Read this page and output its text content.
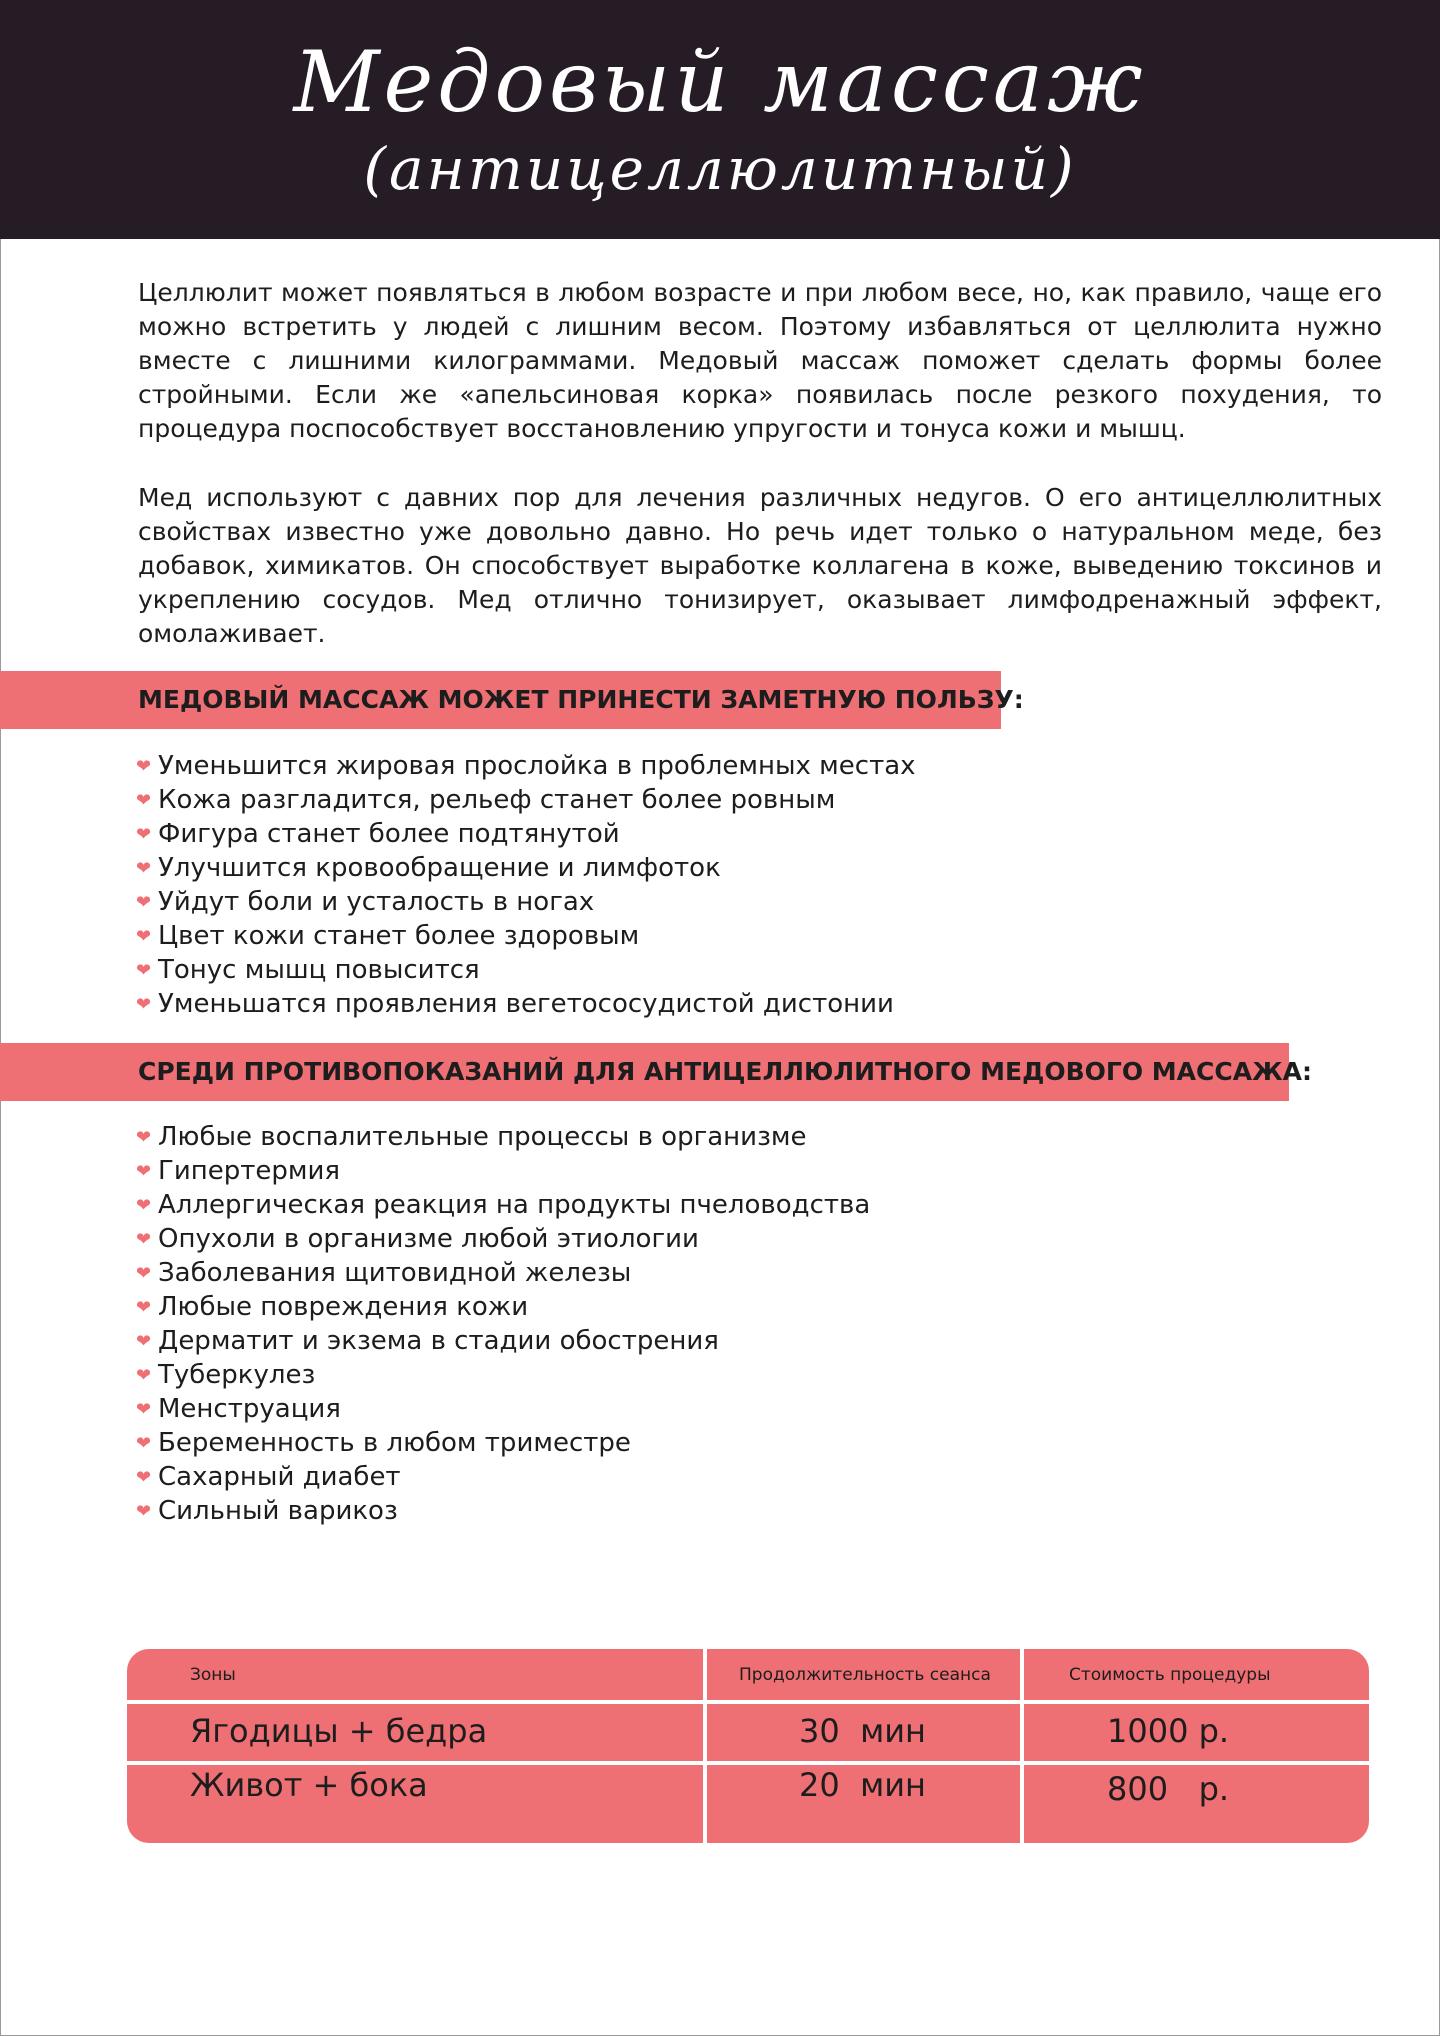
Медовый массаж
(антицеллюлитный)
Целлюлит может появляться в любом возрасте и при любом весе, но, как правило, чаще его можно встретить у людей с лишним весом. Поэтому избавляться от целлюлита нужно вместе с лишними килограммами. Медовый массаж поможет сделать формы более стройными. Если же «апельсиновая корка» появилась после резкого похудения, то процедура поспособствует восстановлению упругости и тонуса кожи и мышц.
Мед используют с давних пор для лечения различных недугов. О его антицеллюлитных свойствах известно уже довольно давно. Но речь идет только о натуральном меде, без добавок, химикатов. Он способствует выработке коллагена в коже, выведению токсинов и укреплению сосудов. Мед отлично тонизирует, оказывает лимфодренажный эффект, омолаживает.
МЕДОВЫЙ МАССАЖ МОЖЕТ ПРИНЕСТИ ЗАМЕТНУЮ ПОЛЬЗУ:
❤ Уменьшится жировая прослойка в проблемных местах
❤ Кожа разгладится, рельеф станет более ровным
❤ Фигура станет более подтянутой
❤ Улучшится кровообращение и лимфоток
❤ Уйдут боли и усталость в ногах
❤ Цвет кожи станет более здоровым
❤ Тонус мышц повысится
❤ Уменьшатся проявления вегетососудистой дистонии
СРЕДИ ПРОТИВОПОКАЗАНИЙ ДЛЯ АНТИЦЕЛЛЮЛИТНОГО МЕДОВОГО МАССАЖА:
❤ Любые воспалительные процессы в организме
❤ Гипертермия
❤ Аллергическая реакция на продукты пчеловодства
❤ Опухоли в организме любой этиологии
❤ Заболевания щитовидной железы
❤ Любые повреждения кожи
❤ Дерматит и экзема в стадии обострения
❤ Туберкулез
❤ Менструация
❤ Беременность в любом триместре
❤ Сахарный диабет
❤ Сильный варикоз
Зоны	Продолжительность сеанса	Стоимость процедуры
Ягодицы + бедра	30  мин	1000 р.
Живот + бока	20  мин	800   р.
